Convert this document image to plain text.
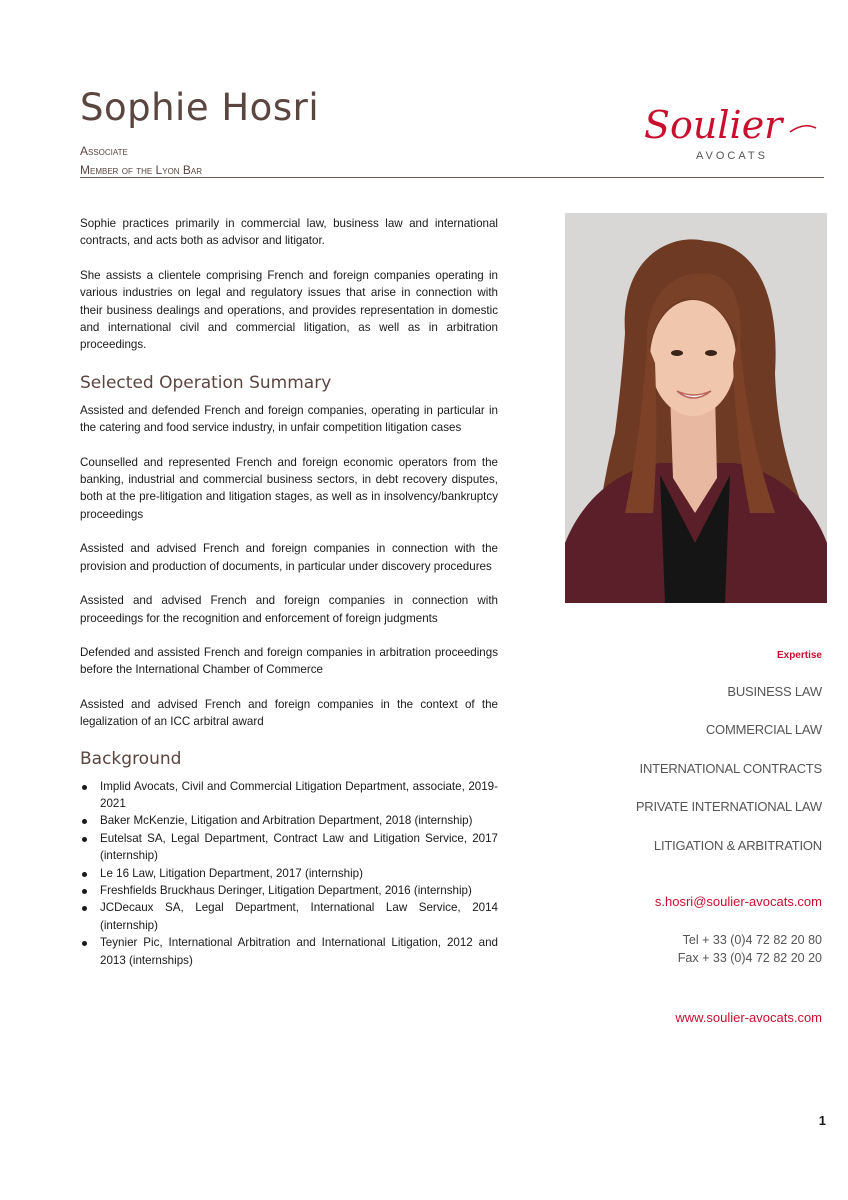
Sophie Hosri
Associate
Member of the Lyon Bar
Soulier
AVOCATS

Sophie practices primarily in commercial law, business law and international contracts, and acts both as advisor and litigator.

She assists a clientele comprising French and foreign companies operating in various industries on legal and regulatory issues that arise in connection with their business dealings and operations, and provides representation in domestic and international civil and commercial litigation, as well as in arbitration proceedings.

Selected Operation Summary

Assisted and defended French and foreign companies, operating in particular in the catering and food service industry, in unfair competition litigation cases

Counselled and represented French and foreign economic operators from the banking, industrial and commercial business sectors, in debt recovery disputes, both at the pre-litigation and litigation stages, as well as in insolvency/bankruptcy proceedings

Assisted and advised French and foreign companies in connection with the provision and production of documents, in particular under discovery procedures

Assisted and advised French and foreign companies in connection with proceedings for the recognition and enforcement of foreign judgments

Defended and assisted French and foreign companies in arbitration proceedings before the International Chamber of Commerce

Assisted and advised French and foreign companies in the context of the legalization of an ICC arbitral award

Background
Implid Avocats, Civil and Commercial Litigation Department, associate, 2019-2021
Baker McKenzie, Litigation and Arbitration Department, 2018 (internship)
Eutelsat SA, Legal Department, Contract Law and Litigation Service, 2017 (internship)
Le 16 Law, Litigation Department, 2017 (internship)
Freshfields Bruckhaus Deringer, Litigation Department, 2016 (internship)
JCDecaux SA, Legal Department, International Law Service, 2014 (internship)
Teynier Pic, International Arbitration and International Litigation, 2012 and 2013 (internships)
Expertise
BUSINESS LAW
COMMERCIAL LAW
INTERNATIONAL CONTRACTS
PRIVATE INTERNATIONAL LAW
LITIGATION & ARBITRATION
s.hosri@soulier-avocats.com
Tel + 33 (0)4 72 82 20 80
Fax + 33 (0)4 72 82 20 20
www.soulier-avocats.com
1
